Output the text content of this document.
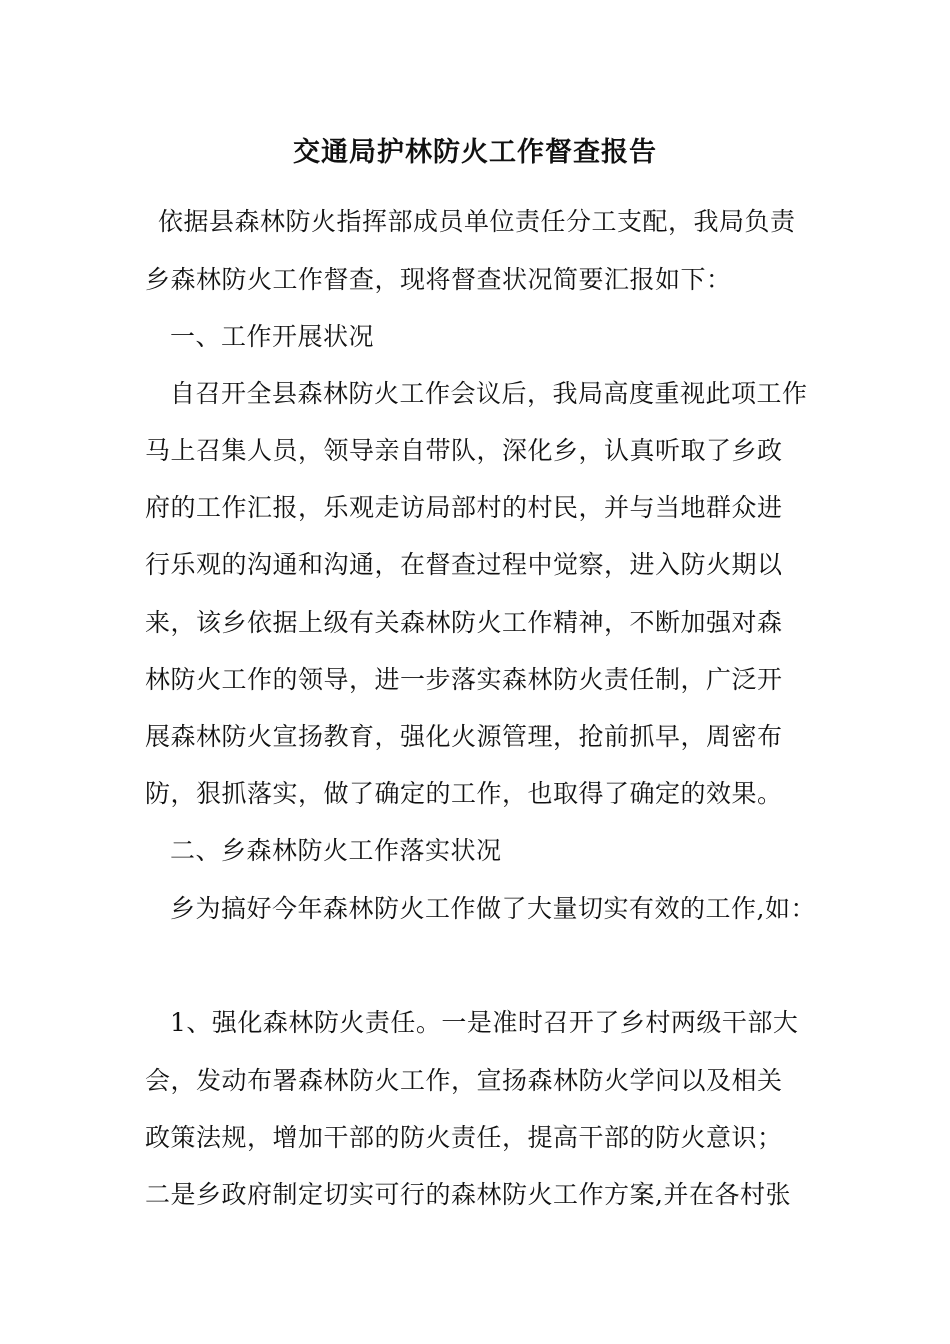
交通局护林防火工作督查报告
依据县森林防火指挥部成员单位责任分工支配，我局负责
乡森林防火工作督查，现将督查状况简要汇报如下：
一、工作开展状况
自召开全县森林防火工作会议后，我局高度重视此项工作
马上召集人员，领导亲自带队，深化乡，认真听取了乡政
府的工作汇报，乐观走访局部村的村民，并与当地群众进
行乐观的沟通和沟通，在督查过程中觉察，进入防火期以
来，该乡依据上级有关森林防火工作精神，不断加强对森
林防火工作的领导，进一步落实森林防火责任制，广泛开
展森林防火宣扬教育，强化火源管理，抢前抓早，周密布
防，狠抓落实，做了确定的工作，也取得了确定的效果。
二、乡森林防火工作落实状况
乡为搞好今年森林防火工作做了大量切实有效的工作,如：
1、强化森林防火责任。一是准时召开了乡村两级干部大
会，发动布署森林防火工作，宣扬森林防火学问以及相关
政策法规，增加干部的防火责任，提高干部的防火意识；
二是乡政府制定切实可行的森林防火工作方案,并在各村张
